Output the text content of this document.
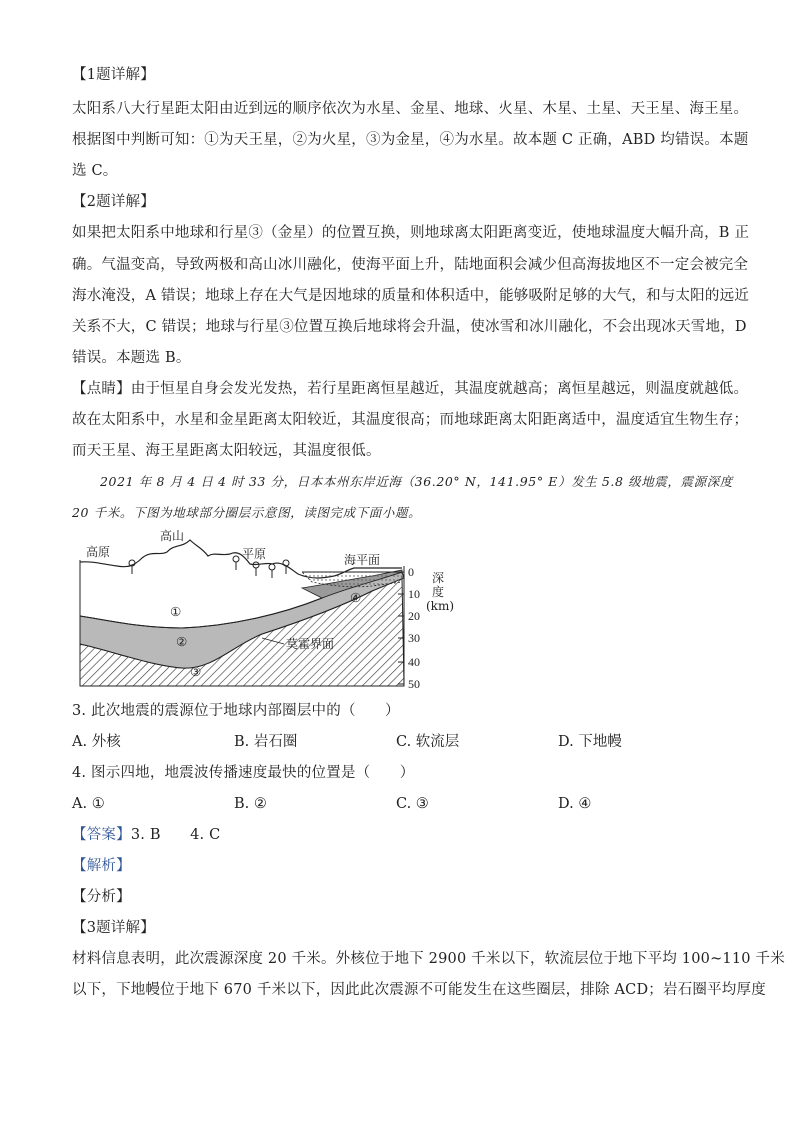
【1题详解】
太阳系八大行星距太阳由近到远的顺序依次为水星、金星、地球、火星、木星、土星、天王星、海王星。
根据图中判断可知：①为天王星，②为火星，③为金星，④为水星。故本题 C 正确，ABD 均错误。本题
选 C。
【2题详解】
如果把太阳系中地球和行星③（金星）的位置互换，则地球离太阳距离变近，使地球温度大幅升高，B 正
确。气温变高，导致两极和高山冰川融化，使海平面上升，陆地面积会减少但高海拔地区不一定会被完全
海水淹没，A 错误；地球上存在大气是因地球的质量和体积适中，能够吸附足够的大气，和与太阳的远近
关系不大，C 错误；地球与行星③位置互换后地球将会升温，使冰雪和冰川融化，不会出现冰天雪地，D
错误。本题选 B。
【点睛】由于恒星自身会发光发热，若行星距离恒星越近，其温度就越高；离恒星越远，则温度就越低。
故在太阳系中，水星和金星距离太阳较近，其温度很高；而地球距离太阳距离适中，温度适宜生物生存；
而天王星、海王星距离太阳较远，其温度很低。
2021 年 8 月 4 日 4 时 33 分，日本本州东岸近海（36.20° N，141.95° E）发生 5.8 级地震，震源深度
20 千米。下图为地球部分圈层示意图，读图完成下面小题。
高原
高山
平原	海平面
莫霍界面
0
10
20
30
40
50
深
度
(km)
①
②
③
④
3. 此次地震的震源位于地球内部圈层中的（　　）
A. 外核	B. 岩石圈	C. 软流层	D. 下地幔
4. 图示四地，地震波传播速度最快的位置是（　　）
A. ①	B. ②	C. ③	D. ④
【答案】3. B　　4. C
【解析】
【分析】
【3题详解】
材料信息表明，此次震源深度 20 千米。外核位于地下 2900 千米以下，软流层位于地下平均 100~110 千米
以下，下地幔位于地下 670 千米以下，因此此次震源不可能发生在这些圈层，排除 ACD；岩石圈平均厚度
